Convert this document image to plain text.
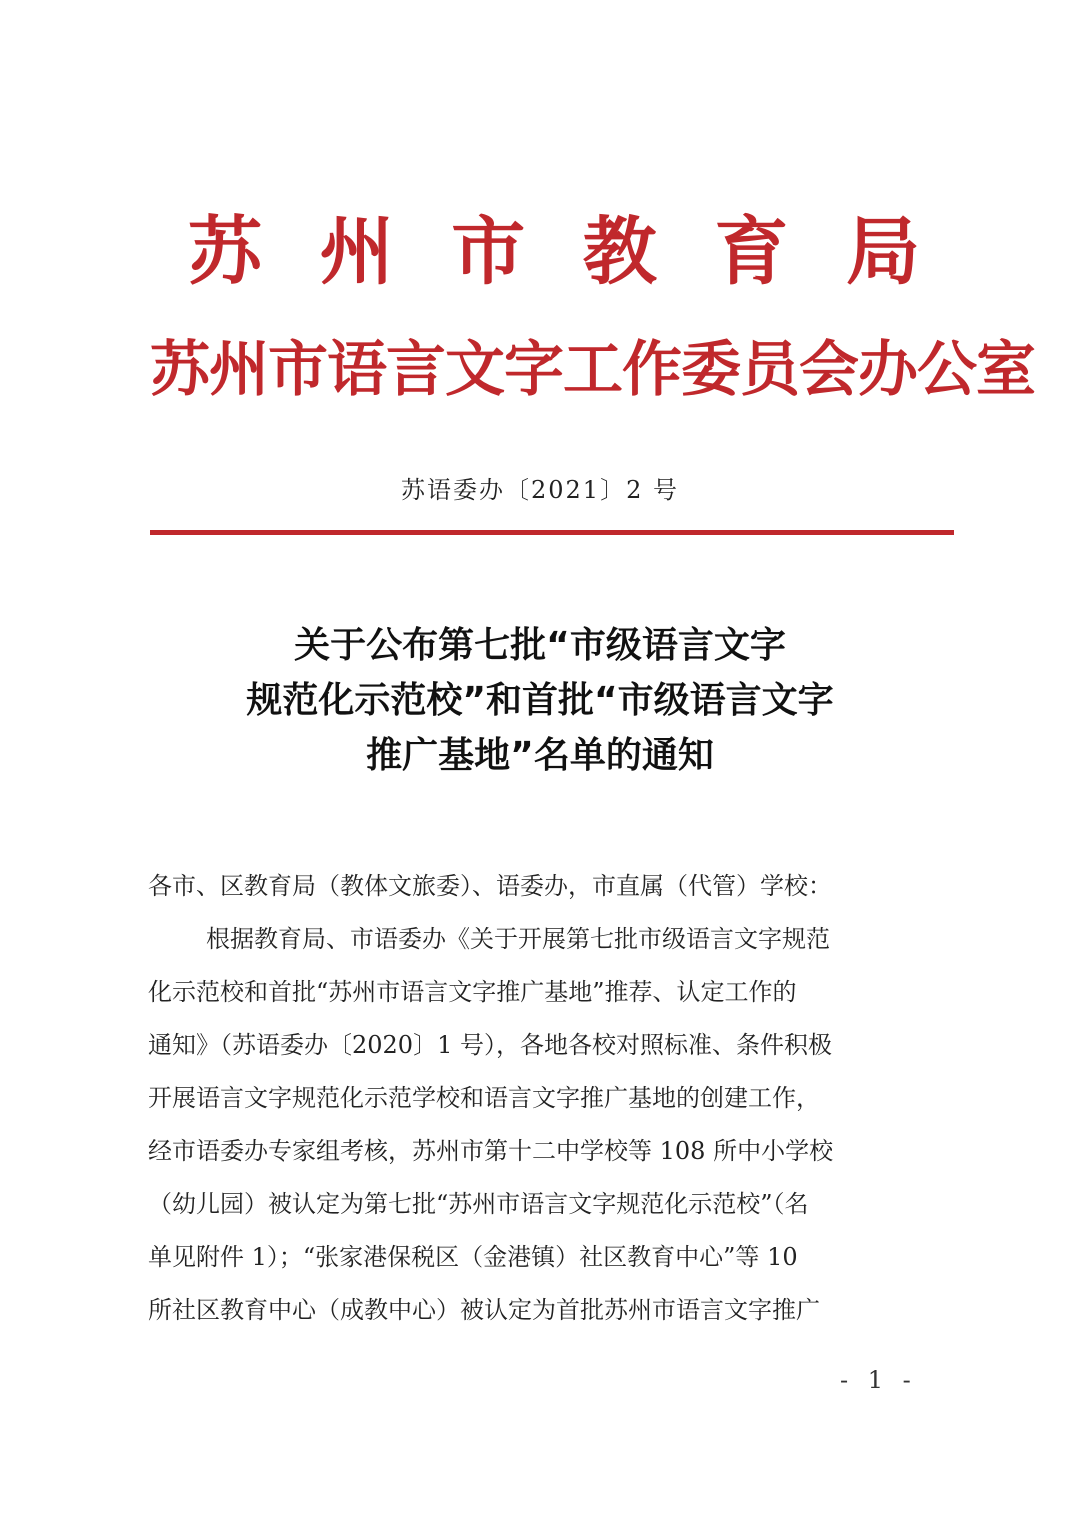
苏 州 市 教 育 局
苏州市语言文字工作委员会办公室
苏语委办〔2021〕2 号
关于公布第七批“市级语言文字
规范化示范校”和首批“市级语言文字
推广基地”名单的通知
各市、区教育局（教体文旅委）、语委办，市直属（代管）学校：
根据教育局、市语委办《关于开展第七批市级语言文字规范
化示范校和首批“苏州市语言文字推广基地”推荐、认定工作的
通知》（苏语委办〔2020〕1 号），各地各校对照标准、条件积极
开展语言文字规范化示范学校和语言文字推广基地的创建工作，
经市语委办专家组考核，苏州市第十二中学校等 108 所中小学校
（幼儿园）被认定为第七批“苏州市语言文字规范化示范校”（名
单见附件 1）；“张家港保税区（金港镇）社区教育中心”等 10
所社区教育中心（成教中心）被认定为首批苏州市语言文字推广
- 1 -
